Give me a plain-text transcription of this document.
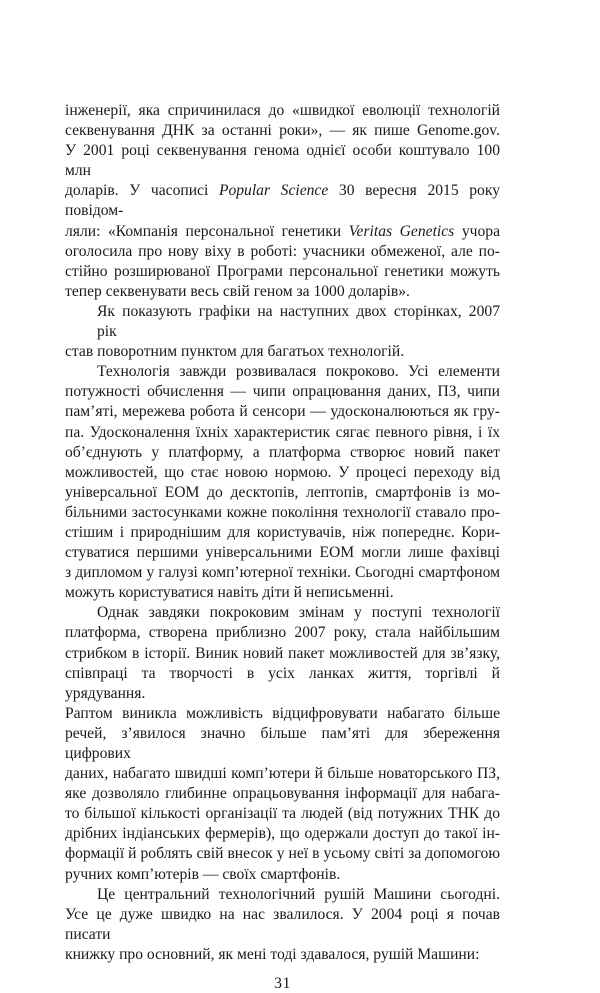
інженерії, яка спричинилася до «швидкої еволюції технологій
секвенування ДНК за останні роки», — як пише Genome.gov.
У 2001 році секвенування генома однієї особи коштувало 100 млн
доларів. У часописі Popular Science 30 вересня 2015 року повідом-
ляли: «Компанія персональної генетики Veritas Genetics учора
оголосила про нову віху в роботі: учасники обмеженої, але по-
стійно розширюваної Програми персональної генетики можуть
тепер секвенувати весь свій геном за 1000 доларів».
Як показують графіки на наступних двох сторінках, 2007 рік
став поворотним пунктом для багатьох технологій.
Технологія завжди розвивалася покроково. Усі елементи
потужності обчислення — чипи опрацювання даних, ПЗ, чипи
пам’яті, мережева робота й сенсори — удосконалюються як гру-
па. Удосконалення їхніх характеристик сягає певного рівня, і їх
об’єднують у платформу, а платформа створює новий пакет
можливостей, що стає новою нормою. У процесі переходу від
універсальної ЕОМ до десктопів, лептопів, смартфонів із мо-
більними застосунками кожне покоління технології ставало про-
стішим і природнішим для користувачів, ніж попереднє. Кори-
стуватися першими універсальними ЕОМ могли лише фахівці
з дипломом у галузі комп’ютерної техніки. Сьогодні смартфоном
можуть користуватися навіть діти й неписьменні.
Однак завдяки покроковим змінам у поступі технології
платформа, створена приблизно 2007 року, стала найбільшим
стрибком в історії. Виник новий пакет можливостей для зв’язку,
співпраці та творчості в усіх ланках життя, торгівлі й урядування.
Раптом виникла можливість відцифровувати набагато більше
речей, з’явилося значно більше пам’яті для збереження цифрових
даних, набагато швидші комп’ютери й більше новаторського ПЗ,
яке дозволяло глибинне опрацьовування інформації для набага-
то більшої кількості організації та людей (від потужних ТНК до
дрібних індіанських фермерів), що одержали доступ до такої ін-
формації й роблять свій внесок у неї в усьому світі за допомогою
ручних комп’ютерів — своїх смартфонів.
Це центральний технологічний рушій Машини сьогодні.
Усе це дуже швидко на нас звалилося. У 2004 році я почав писати
книжку про основний, як мені тоді здавалося, рушій Машини:
31
